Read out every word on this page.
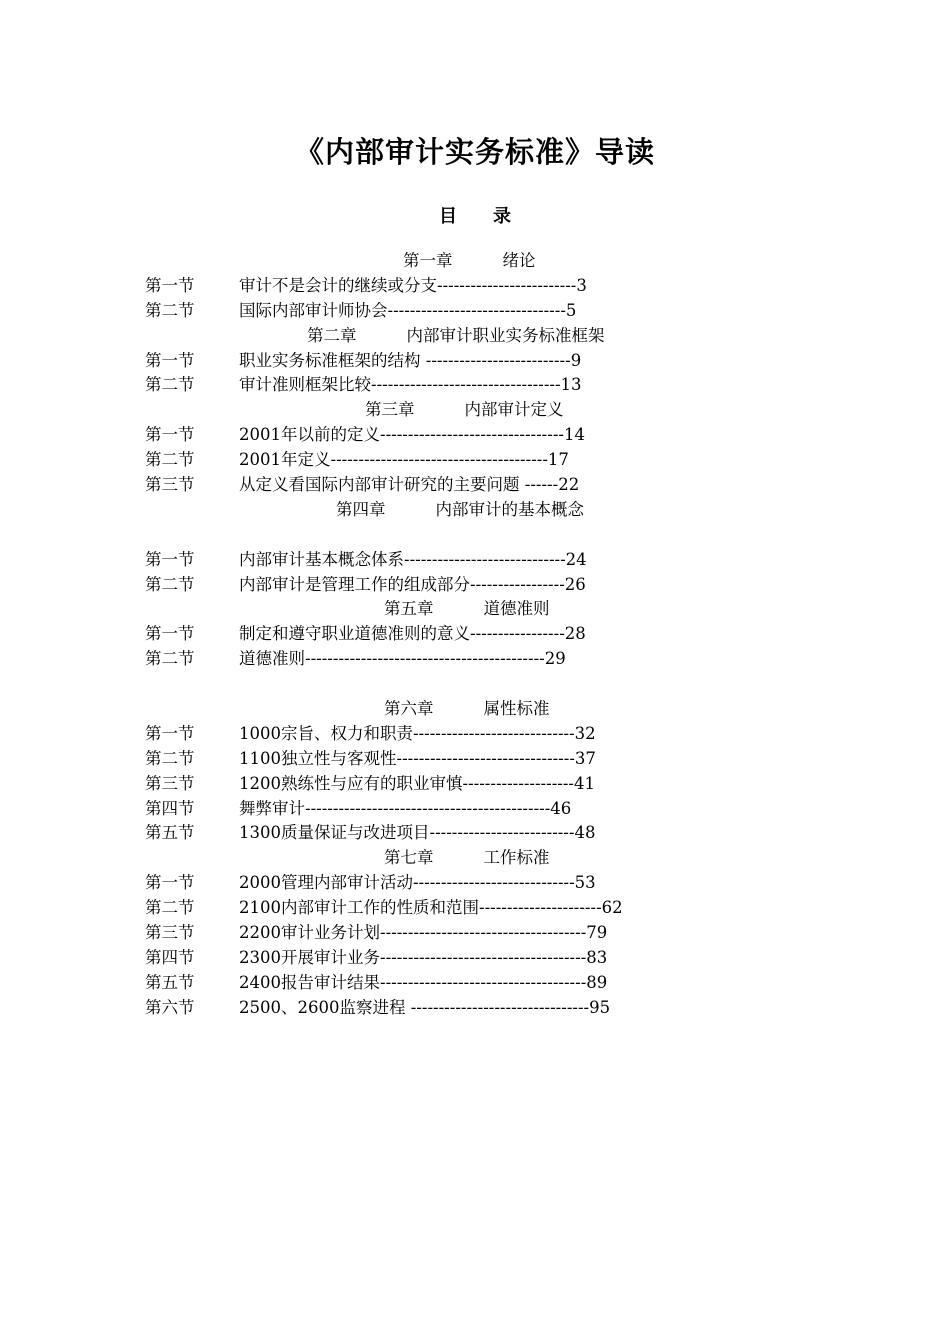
《内部审计实务标准》导读
目 录
第一章	绪论
第一节	审计不是会计的继续或分支-------------------------3
第二节	国际内部审计师协会--------------------------------5
第二章	内部审计职业实务标准框架
第一节	职业实务标准框架的结构 --------------------------9
第二节	审计准则框架比较----------------------------------13
第三章	内部审计定义
第一节	2001年以前的定义---------------------------------14
第二节	2001年定义---------------------------------------17
第三节	从定义看国际内部审计研究的主要问题 ------22
第四章	内部审计的基本概念
第一节	内部审计基本概念体系-----------------------------24
第二节	内部审计是管理工作的组成部分-----------------26
第五章	道德准则
第一节	制定和遵守职业道德准则的意义-----------------28
第二节	道德准则-------------------------------------------29
第六章	属性标准
第一节	1000宗旨、权力和职责-----------------------------32
第二节	1100独立性与客观性--------------------------------37
第三节	1200熟练性与应有的职业审慎--------------------41
第四节	舞弊审计--------------------------------------------46
第五节	1300质量保证与改进项目--------------------------48
第七章	工作标准
第一节	2000管理内部审计活动-----------------------------53
第二节	2100内部审计工作的性质和范围----------------------62
第三节	2200审计业务计划-------------------------------------79
第四节	2300开展审计业务-------------------------------------83
第五节	2400报告审计结果-------------------------------------89
第六节	2500、2600监察进程 --------------------------------95
